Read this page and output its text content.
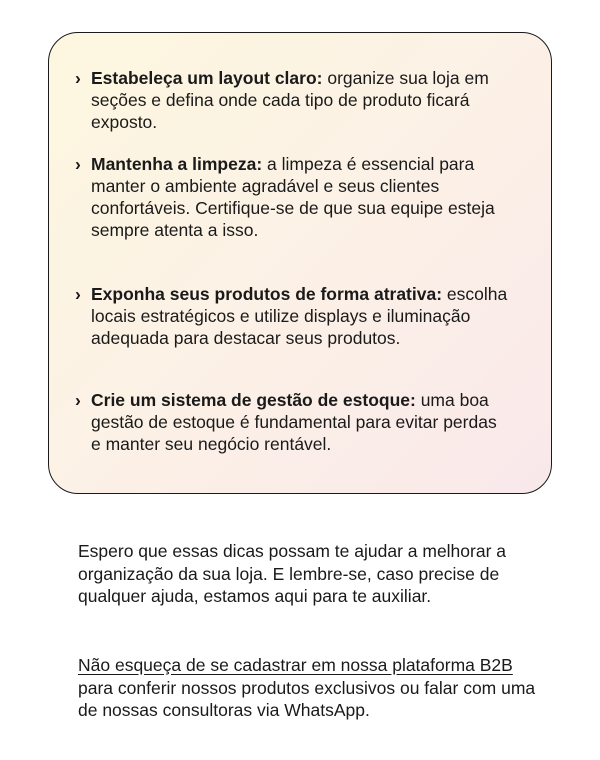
› Estabeleça um layout claro: organize sua loja em seções e defina onde cada tipo de produto ficará exposto.
› Mantenha a limpeza: a limpeza é essencial para manter o ambiente agradável e seus clientes confortáveis. Certifique-se de que sua equipe esteja sempre atenta a isso.
› Exponha seus produtos de forma atrativa: escolha locais estratégicos e utilize displays e iluminação adequada para destacar seus produtos.
› Crie um sistema de gestão de estoque: uma boa gestão de estoque é fundamental para evitar perdas e manter seu negócio rentável.

Espero que essas dicas possam te ajudar a melhorar a organização da sua loja. E lembre-se, caso precise de qualquer ajuda, estamos aqui para te auxiliar.

Não esqueça de se cadastrar em nossa plataforma B2B para conferir nossos produtos exclusivos ou falar com uma de nossas consultoras via WhatsApp.
